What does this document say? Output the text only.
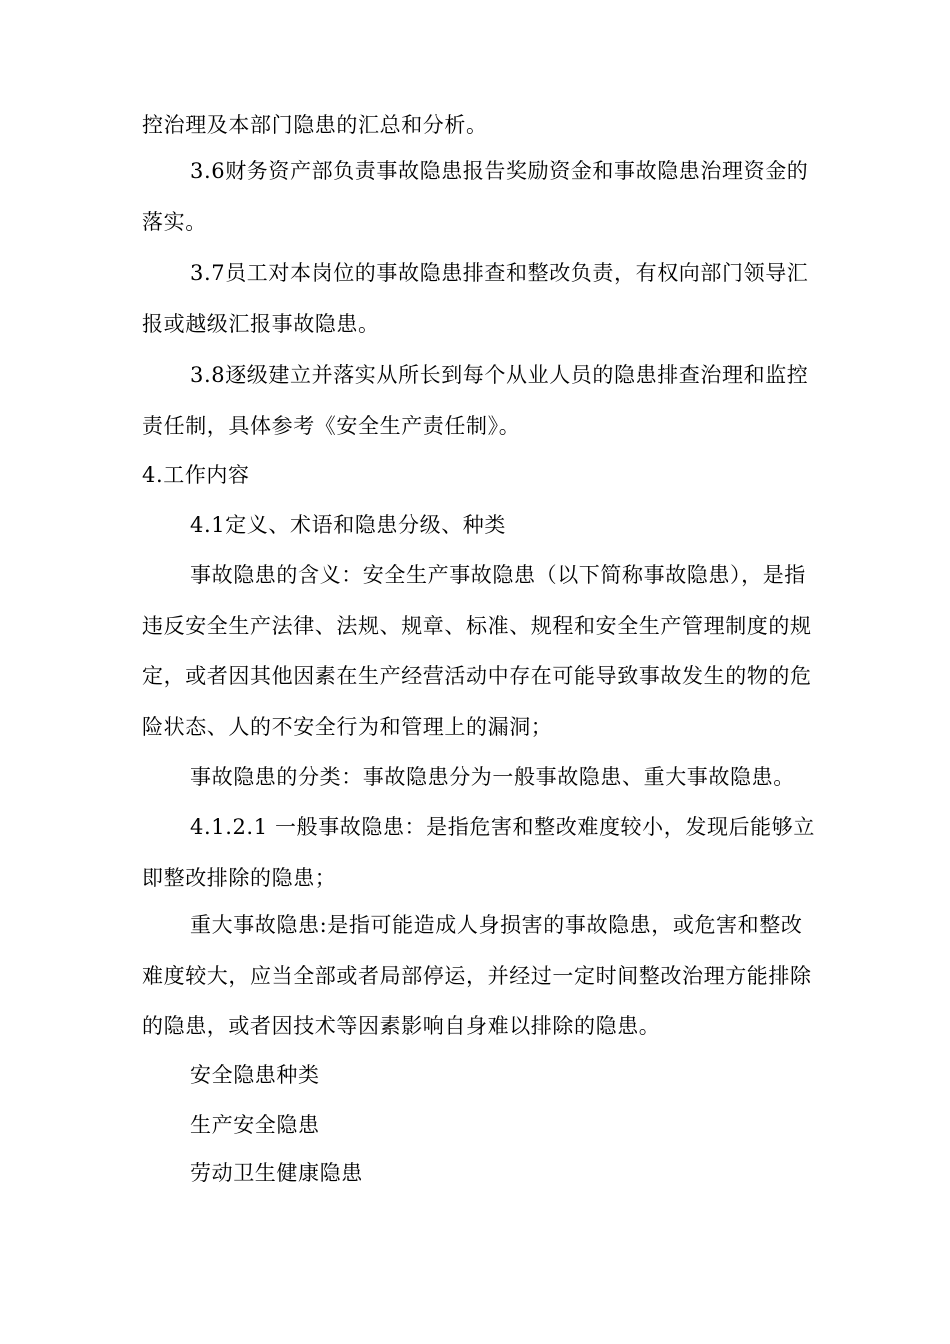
控治理及本部门隐患的汇总和分析。

3.6财务资产部负责事故隐患报告奖励资金和事故隐患治理资金的落实。

3.7员工对本岗位的事故隐患排查和整改负责，有权向部门领导汇报或越级汇报事故隐患。

3.8逐级建立并落实从所长到每个从业人员的隐患排查治理和监控责任制，具体参考《安全生产责任制》。

4.工作内容

4.1定义、术语和隐患分级、种类

事故隐患的含义：安全生产事故隐患（以下简称事故隐患），是指违反安全生产法律、法规、规章、标准、规程和安全生产管理制度的规定，或者因其他因素在生产经营活动中存在可能导致事故发生的物的危险状态、人的不安全行为和管理上的漏洞；

事故隐患的分类：事故隐患分为一般事故隐患、重大事故隐患。

4.1.2.1 一般事故隐患：是指危害和整改难度较小，发现后能够立即整改排除的隐患；

重大事故隐患:是指可能造成人身损害的事故隐患，或危害和整改难度较大，应当全部或者局部停运，并经过一定时间整改治理方能排除的隐患，或者因技术等因素影响自身难以排除的隐患。

安全隐患种类

生产安全隐患

劳动卫生健康隐患
